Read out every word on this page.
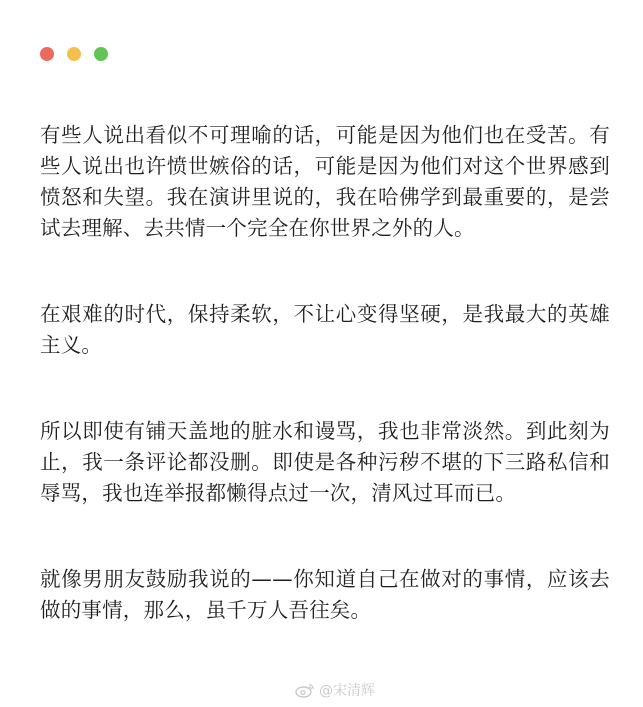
有些人说出看似不可理喻的话，可能是因为他们也在受苦。有些人说出也许愤世嫉俗的话，可能是因为他们对这个世界感到愤怒和失望。我在演讲里说的，我在哈佛学到最重要的，是尝试去理解、去共情一个完全在你世界之外的人。

在艰难的时代，保持柔软，不让心变得坚硬，是我最大的英雄主义。

所以即使有铺天盖地的脏水和谩骂，我也非常淡然。到此刻为止，我一条评论都没删。即使是各种污秽不堪的下三路私信和辱骂，我也连举报都懒得点过一次，清风过耳而已。

就像男朋友鼓励我说的——你知道自己在做对的事情，应该去做的事情，那么，虽千万人吾往矣。

@宋清辉
